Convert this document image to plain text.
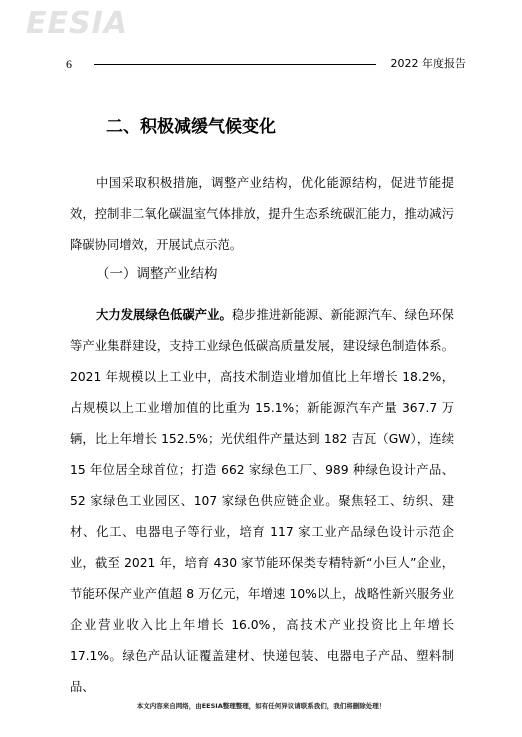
EESIA
6	2022 年度报告
二、积极减缓气候变化

中国采取积极措施，调整产业结构，优化能源结构，促进节能提效，控制非二氧化碳温室气体排放，提升生态系统碳汇能力，推动减污降碳协同增效，开展试点示范。

（一）调整产业结构

大力发展绿色低碳产业。稳步推进新能源、新能源汽车、绿色环保等产业集群建设，支持工业绿色低碳高质量发展，建设绿色制造体系。2021 年规模以上工业中，高技术制造业增加值比上年增长 18.2%，占规模以上工业增加值的比重为 15.1%；新能源汽车产量 367.7 万辆，比上年增长 152.5%；光伏组件产量达到 182 吉瓦（GW），连续 15 年位居全球首位；打造 662 家绿色工厂、989 种绿色设计产品、52 家绿色工业园区、107 家绿色供应链企业。聚焦轻工、纺织、建材、化工、电器电子等行业，培育 117 家工业产品绿色设计示范企业，截至 2021 年，培育 430 家节能环保类专精特新“小巨人”企业，节能环保产业产值超 8 万亿元，年增速 10%以上，战略性新兴服务业企业营业收入比上年增长 16.0%，高技术产业投资比上年增长 17.1%。绿色产品认证覆盖建材、快递包装、电器电子产品、塑料制品、

本文内容来自网络，由EESIA整理整理，如有任何异议请联系我们，我们将删除处理！
